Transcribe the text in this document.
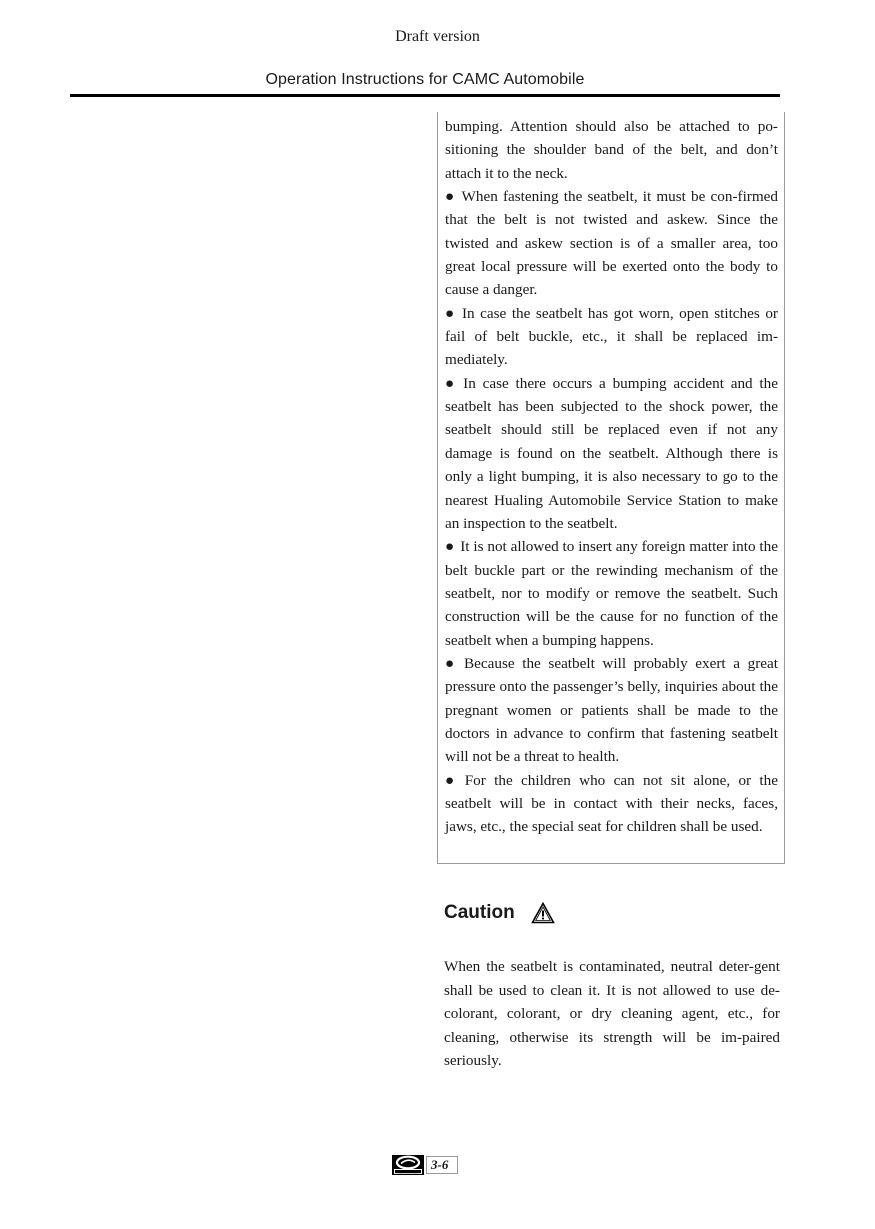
Draft version
Operation Instructions for CAMC Automobile

bumping. Attention should also be attached to po-sitioning the shoulder band of the belt, and don’t attach it to the neck.

● When fastening the seatbelt, it must be con-firmed that the belt is not twisted and askew. Since the twisted and askew section is of a smaller area, too great local pressure will be exerted onto the body to cause a danger.

● In case the seatbelt has got worn, open stitches or fail of belt buckle, etc., it shall be replaced im-mediately.

● In case there occurs a bumping accident and the seatbelt has been subjected to the shock power, the seatbelt should still be replaced even if not any damage is found on the seatbelt. Although there is only a light bumping, it is also necessary to go to the nearest Hualing Automobile Service Station to make an inspection to the seatbelt.

● It is not allowed to insert any foreign matter into the belt buckle part or the rewinding mechanism of the seatbelt, nor to modify or remove the seatbelt. Such construction will be the cause for no function of the seatbelt when a bumping happens.

● Because the seatbelt will probably exert a great pressure onto the passenger’s belly, inquiries about the pregnant women or patients shall be made to the doctors in advance to confirm that fastening seatbelt will not be a threat to health.

● For the children who can not sit alone, or the seatbelt will be in contact with their necks, faces, jaws, etc., the special seat for children shall be used.

Caution

When the seatbelt is contaminated, neutral deter-gent shall be used to clean it. It is not allowed to use de-colorant, colorant, or dry cleaning agent, etc., for cleaning, otherwise its strength will be im-paired seriously.

3-6
